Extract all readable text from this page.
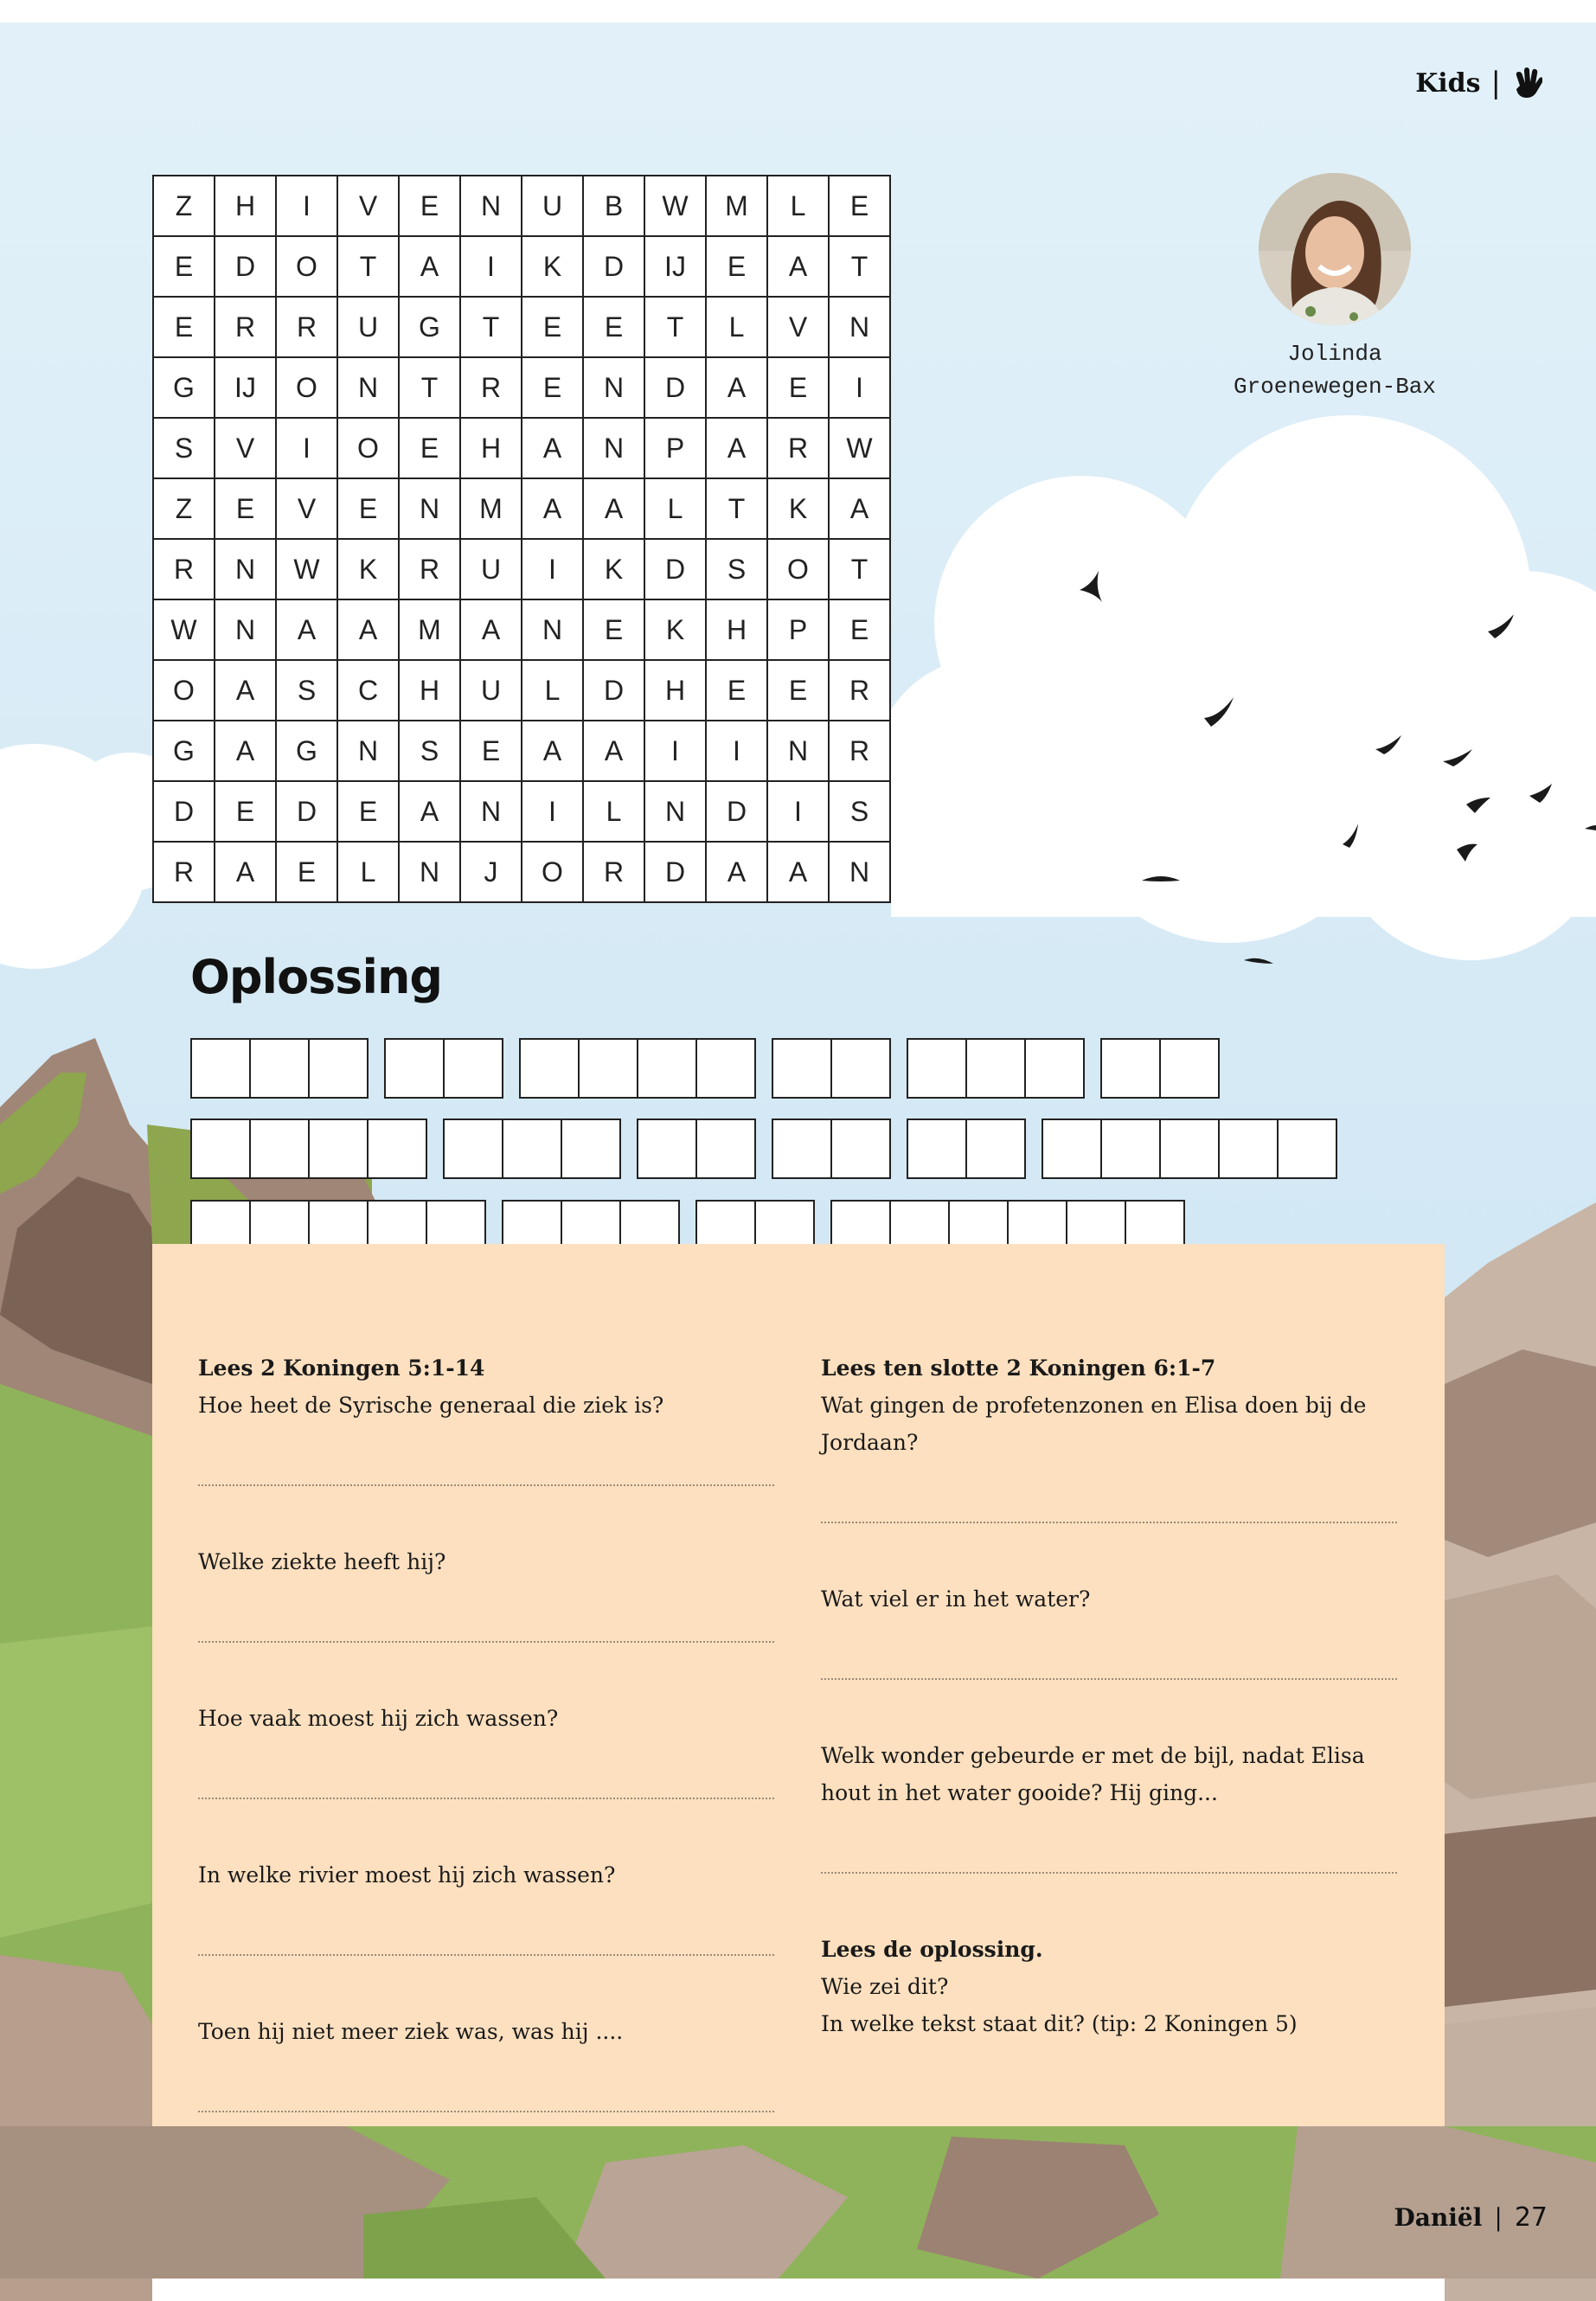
Kids |
Z	H	I	V	E	N	U	B	W	M	L	E
E	D	O	T	A	I	K	D	IJ	E	A	T
E	R	R	U	G	T	E	E	T	L	V	N
G	IJ	O	N	T	R	E	N	D	A	E	I
S	V	I	O	E	H	A	N	P	A	R	W
Z	E	V	E	N	M	A	A	L	T	K	A
R	N	W	K	R	U	I	K	D	S	O	T
W	N	A	A	M	A	N	E	K	H	P	E
O	A	S	C	H	U	L	D	H	E	E	R
G	A	G	N	S	E	A	A	I	I	N	R
D	E	D	E	A	N	I	L	N	D	I	S
R	A	E	L	N	J	O	R	D	A	A	N
Jolinda
Groenewegen-Bax
Oplossing
Lees 2 Koningen 5:1-14

Hoe heet de Syrische generaal die ziek is?

Welke ziekte heeft hij?

Hoe vaak moest hij zich wassen?

In welke rivier moest hij zich wassen?

Toen hij niet meer ziek was, was hij ....

Lees ten slotte 2 Koningen 6:1-7

Wat gingen de profetenzonen en Elisa doen bij de Jordaan?

Wat viel er in het water?

Welk wonder gebeurde er met de bijl, nadat Elisa hout in het water gooide? Hij ging...

Lees de oplossing.

Wie zei dit?

In welke tekst staat dit? (tip: 2 Koningen 5)

Daniël | 27
